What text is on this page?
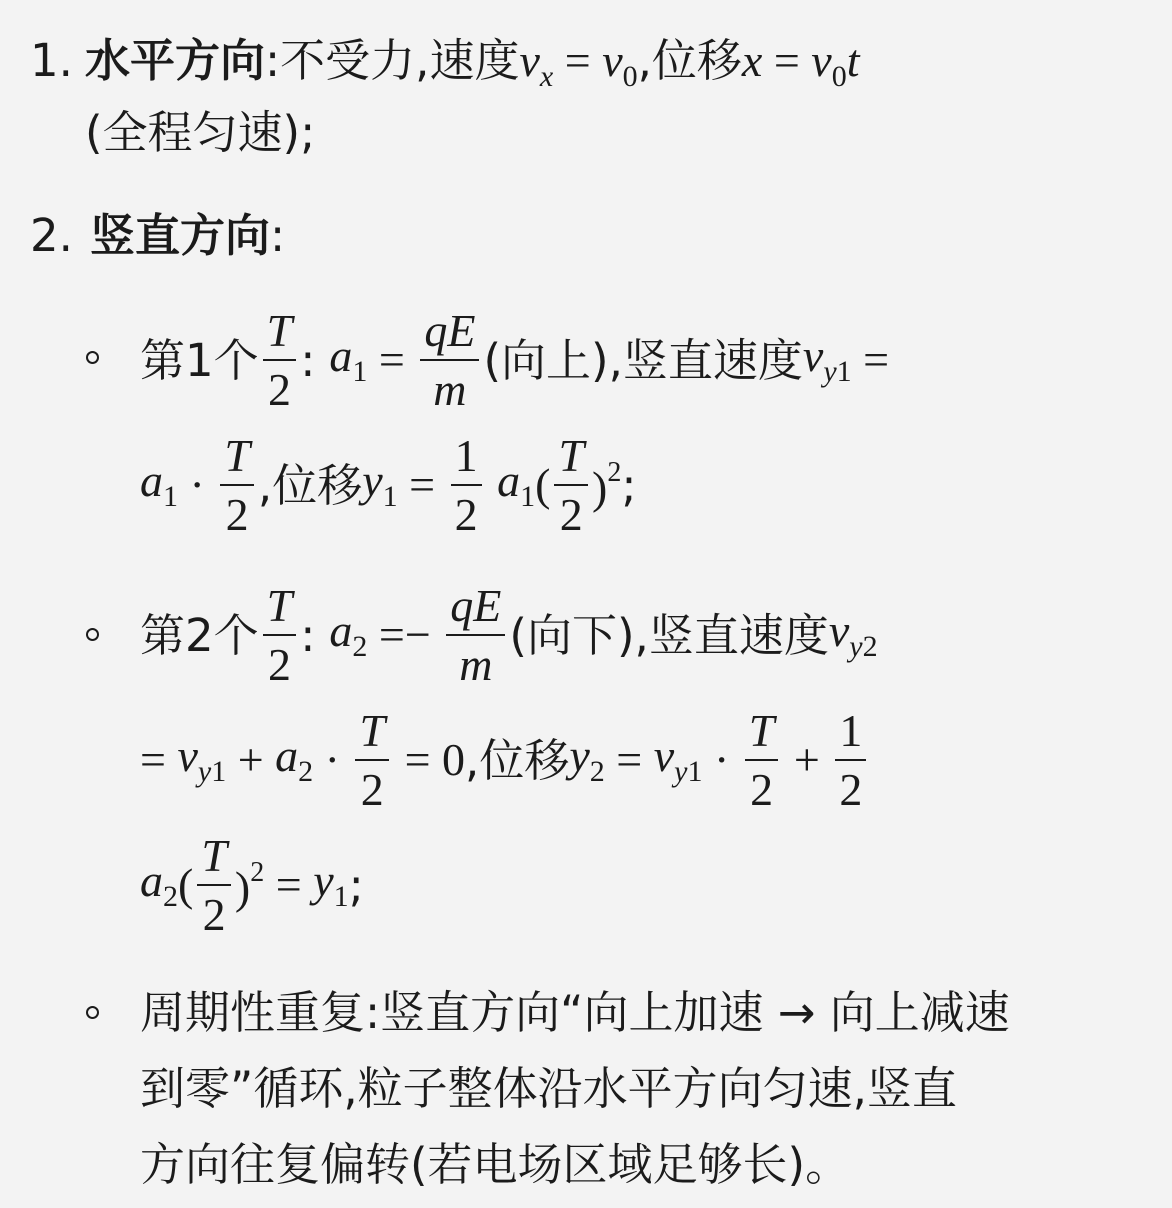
1. 水平方向:不受力,速度$v_x = v_0$,位移$x = v_0t$
(全程匀速);
2. 竖直方向:
第1个 $\frac{T}{2}$ : $a_1 = \frac{qE}{m}$ (向上),竖直速度 $v_{y1}$ =
$a_1 \cdot \frac{T}{2}$ ,位移 $y_1 = \frac{1}{2} a_1$ ( $\frac{T}{2} )^2$ ;
第2个 $\frac{T}{2}$ : $a_2 =- \frac{qE}{m}$ (向下),竖直速度 $v_{y2}$
= $v_{y1} + a_2 \cdot \frac{T}{2} = 0$ ,位移 $y_2 = v_{y1} \cdot \frac{T}{2} + \frac{1}{2}$
$a_2$ ( $\frac{T}{2} )^2 = y_1$ ;
周期性重复:竖直方向“向上加速 → 向上减速
到零”循环,粒子整体沿水平方向匀速,竖直
方向往复偏转(若电场区域足够长)。
